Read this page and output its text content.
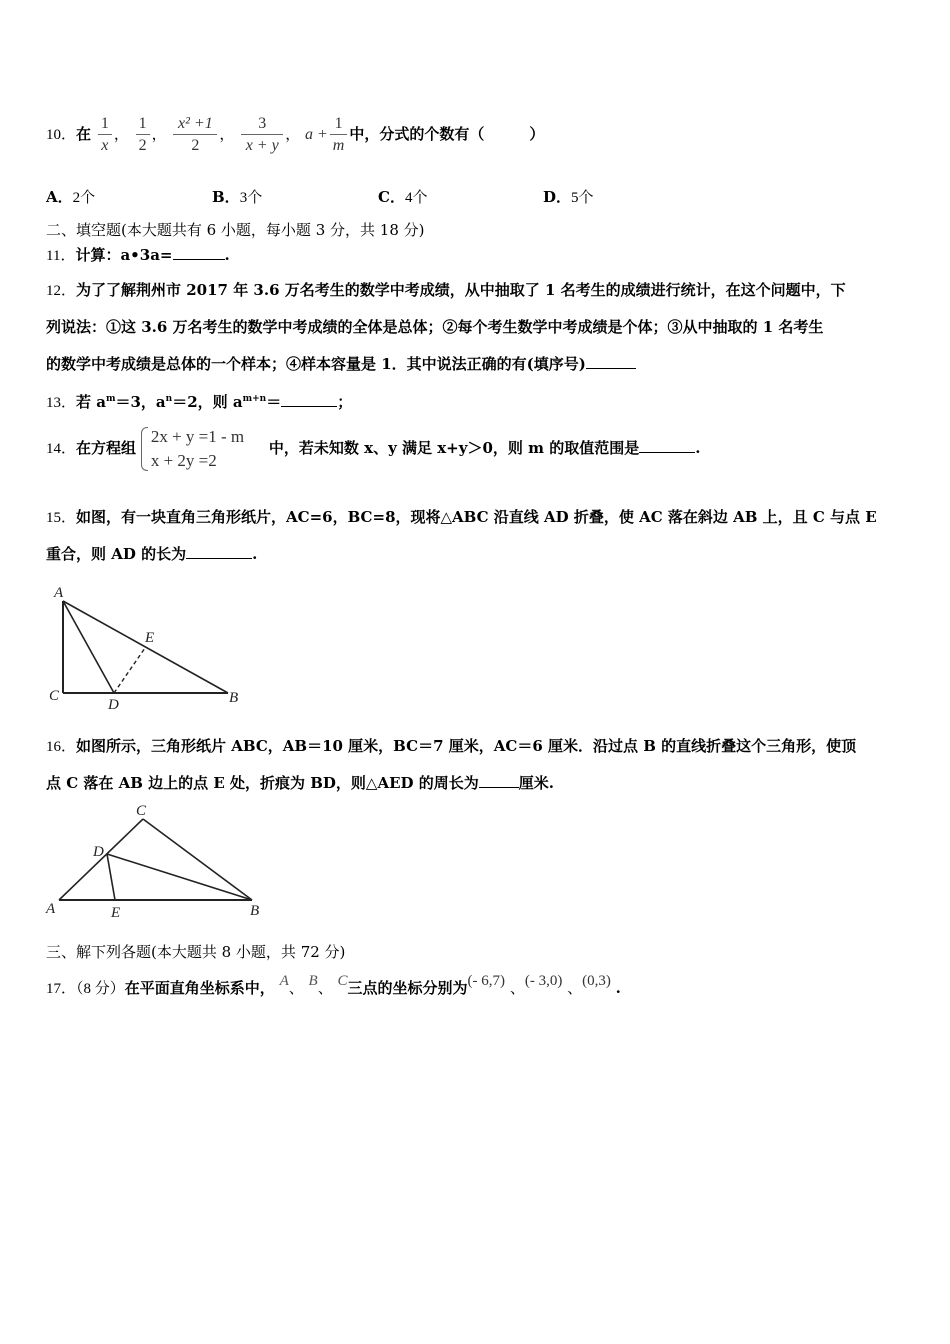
10．在 $\frac{1}{x}$ ， $\frac{1}{2}$ ， $\frac{\text{x² +1}}{2}$ ， $\frac{3}{x + y}$ ， $a + \frac{1}{m}$ 中，分式的个数有（　　　）
A．2个	B．3个	C．4个	D．5个
二、填空题(本大题共有 6 小题，每小题 3 分，共 18 分)
11．计算：a•3a=	.
12．为了了解荆州市 2017 年 3.6 万名考生的数学中考成绩，从中抽取了 1 名考生的成绩进行统计，在这个问题中，下
列说法：①这 3.6 万名考生的数学中考成绩的全体是总体；②每个考生数学中考成绩是个体；③从中抽取的 1 名考生
的数学中考成绩是总体的一个样本；④样本容量是 1．其中说法正确的有(填序号)
13．若 $a^m=3$，$a^n=2$，则 $a^{m+n}=$	；
14．在方程组
2x + y =1 - m
x + 2y =2
中，若未知数 x、y 满足 x+y＞0，则 m 的取值范围是	.
15．如图，有一块直角三角形纸片，AC=6，BC=8，现将△ABC 沿直线 AD 折叠，使 AC 落在斜边 AB 上，且 C 与点 E
重合，则 AD 的长为	.
A
C
D
E
B
16．如图所示，三角形纸片 ABC，AB＝10 厘米，BC＝7 厘米，AC＝6 厘米．沿过点 B 的直线折叠这个三角形，使顶
点 C 落在 AB 边上的点 E 处，折痕为 BD，则△AED 的周长为	厘米.
C
D
A	E	B
三、解下列各题(本大题共 8 小题，共 72 分)
17．（8 分）在平面直角坐标系中， A、 B、 C三点的坐标分别为(- 6,7) 、(- 3,0) 、(0,3) .
